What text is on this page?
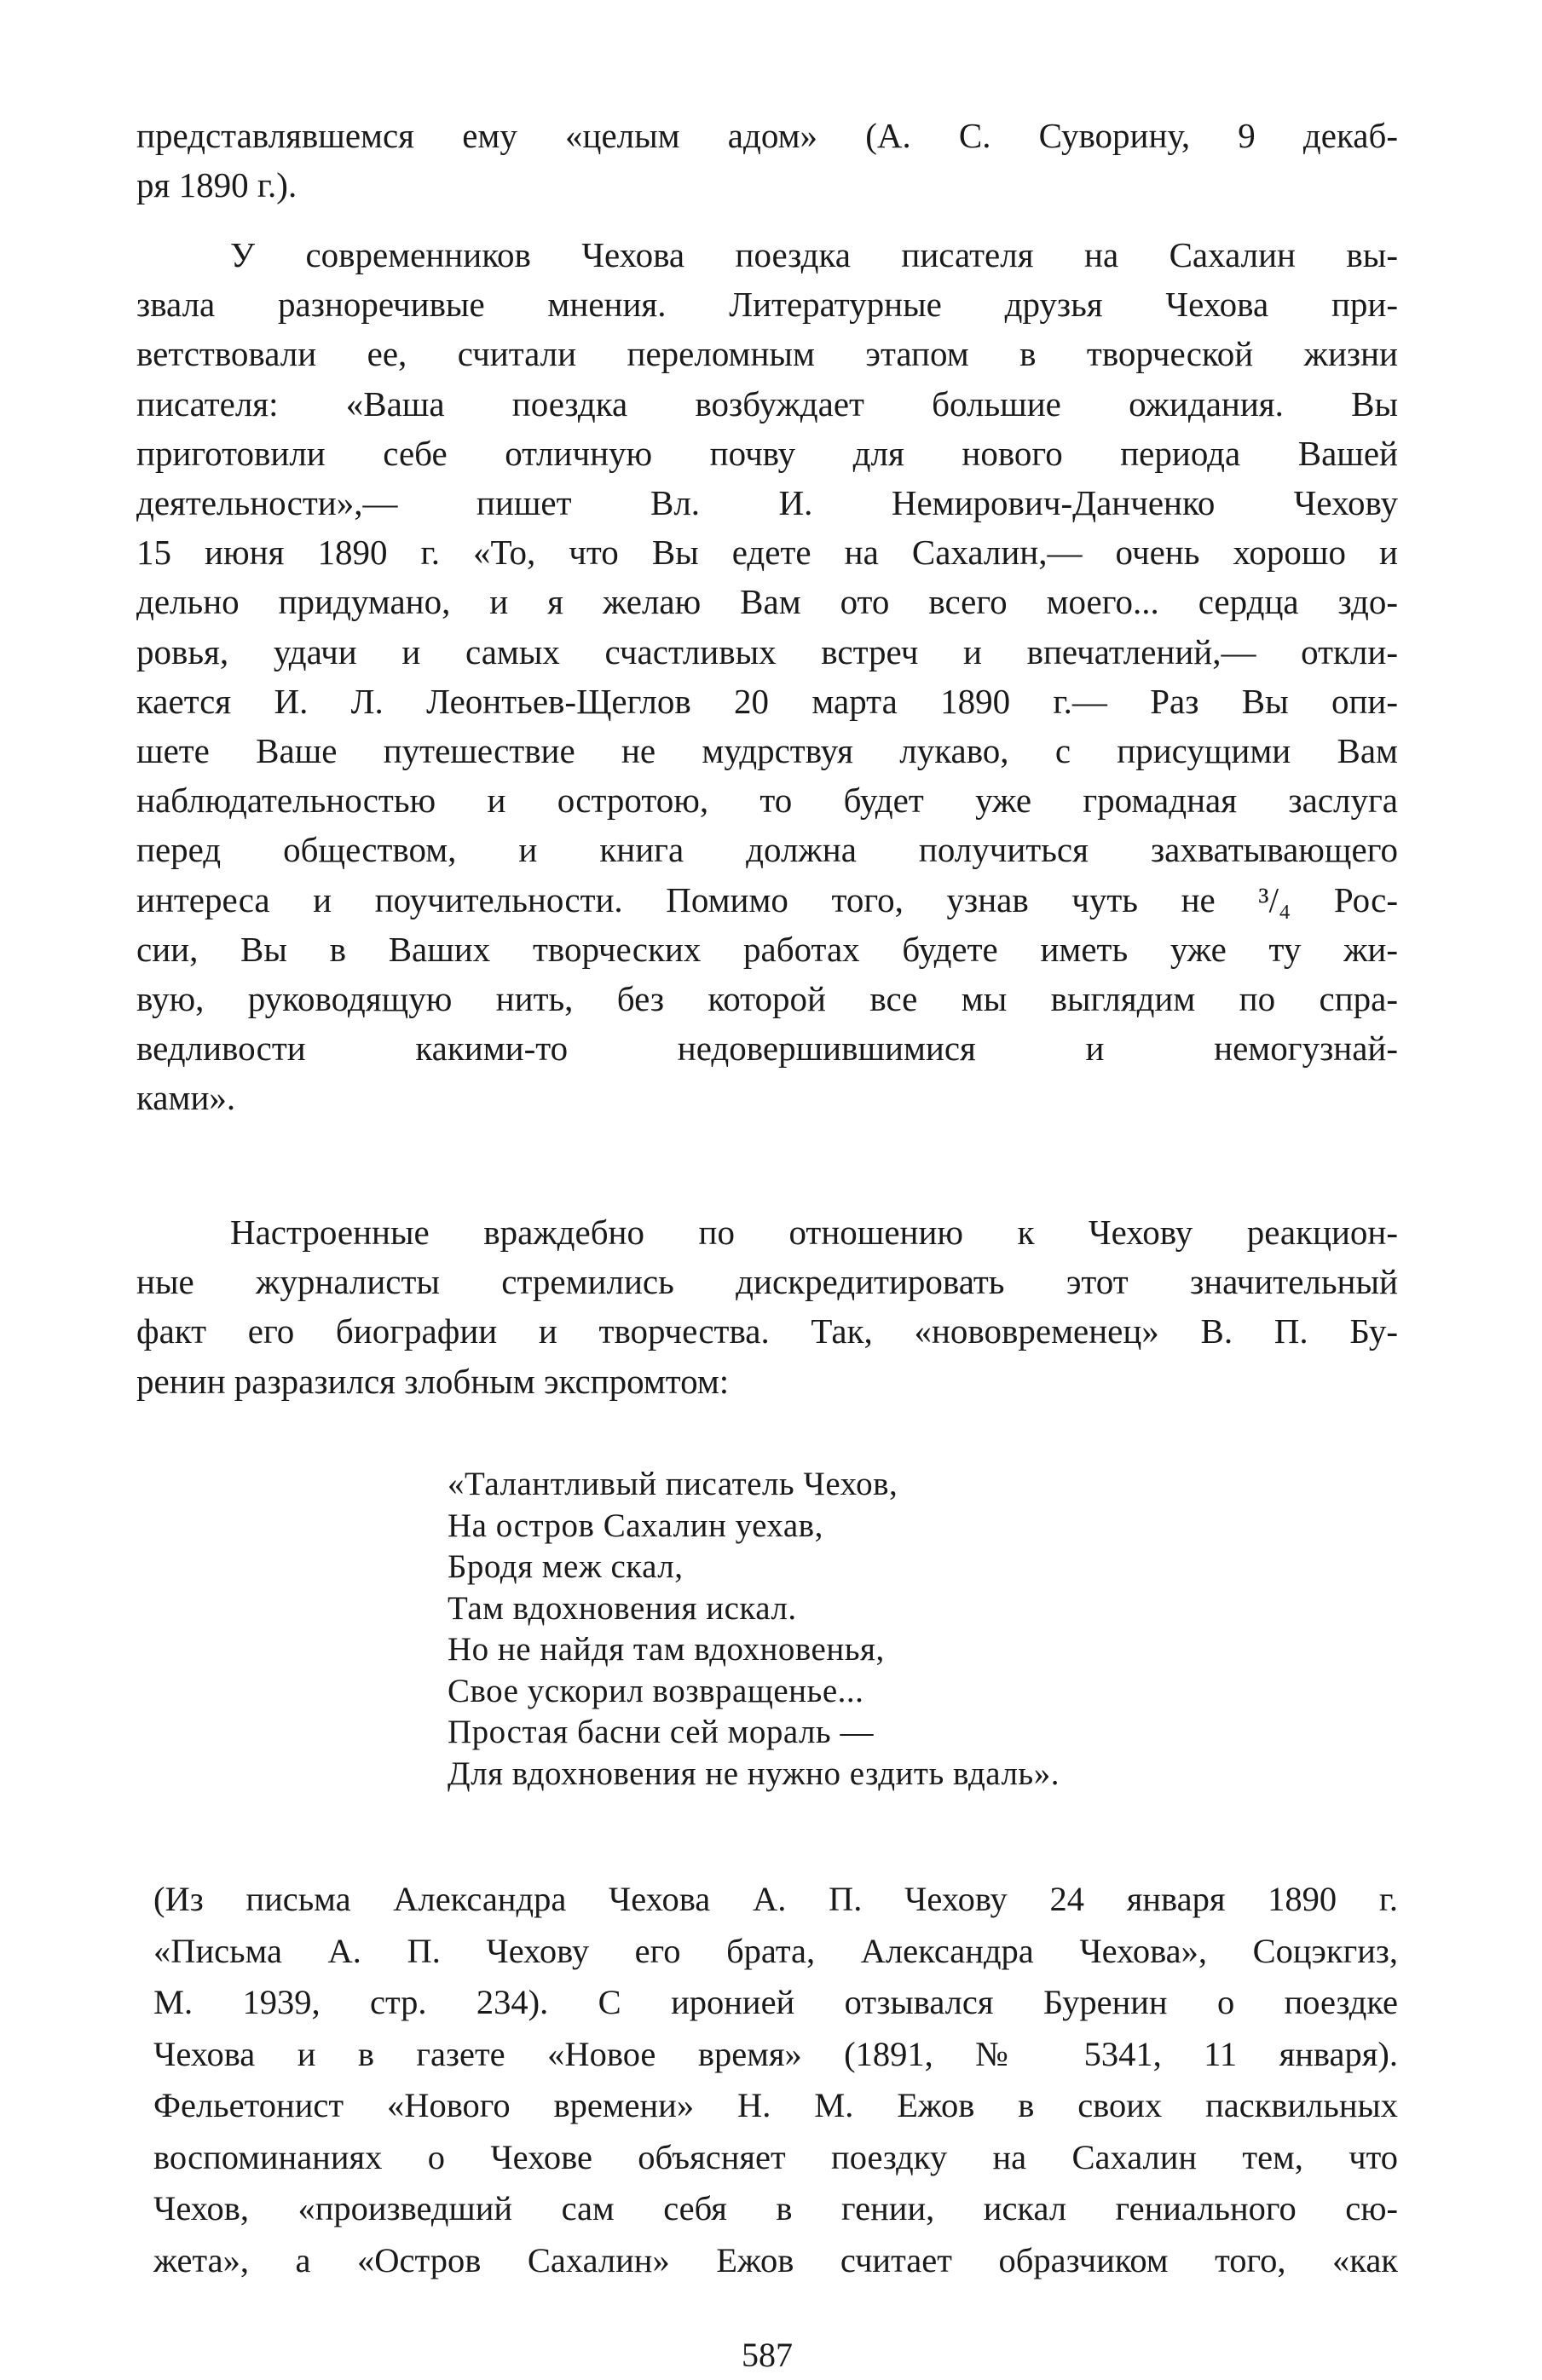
представлявшемся ему «целым адом» (А. С. Суворину, 9 декаб-
ря 1890 г.).

У современников Чехова поездка писателя на Сахалин вы-
звала разноречивые мнения. Литературные друзья Чехова при-
ветствовали ее, считали переломным этапом в творческой жизни
писателя: «Ваша поездка возбуждает большие ожидания. Вы
приготовили себе отличную почву для нового периода Вашей
деятельности»,— пишет Вл. И. Немирович-Данченко Чехову
15 июня 1890 г. «То, что Вы едете на Сахалин,— очень хорошо и
дельно придумано, и я желаю Вам ото всего моего... сердца здо-
ровья, удачи и самых счастливых встреч и впечатлений,— откли-
кается И. Л. Леонтьев-Щеглов 20 марта 1890 г.— Раз Вы опи-
шете Ваше путешествие не мудрствуя лукаво, с присущими Вам
наблюдательностью и остротою, то будет уже громадная заслуга
перед обществом, и книга должна получиться захватывающего
интереса и поучительности. Помимо того, узнав чуть не ³/₄ Рос-
сии, Вы в Ваших творческих работах будете иметь уже ту жи-
вую, руководящую нить, без которой все мы выглядим по спра-
ведливости какими-то недовершившимися и немогузнай-
ками».

Настроенные враждебно по отношению к Чехову реакцион-
ные журналисты стремились дискредитировать этот значительный
факт его биографии и творчества. Так, «нововременец» В. П. Бу-
ренин разразился злобным экспромтом:

«Талантливый писатель Чехов,
На остров Сахалин уехав,
Бродя меж скал,
Там вдохновения искал.
Но не найдя там вдохновенья,
Свое ускорил возвращенье...
Простая басни сей мораль —
Для вдохновения не нужно ездить вдаль».

(Из письма Александра Чехова А. П. Чехову 24 января 1890 г.
«Письма А. П. Чехову его брата, Александра Чехова», Соцэкгиз,
М. 1939, стр. 234). С иронией отзывался Буренин о поездке
Чехова и в газете «Новое время» (1891, № 5341, 11 января).
Фельетонист «Нового времени» Н. М. Ежов в своих пасквильных
воспоминаниях о Чехове объясняет поездку на Сахалин тем, что
Чехов, «произведший сам себя в гении, искал гениального сю-
жета», а «Остров Сахалин» Ежов считает образчиком того, «как

587
